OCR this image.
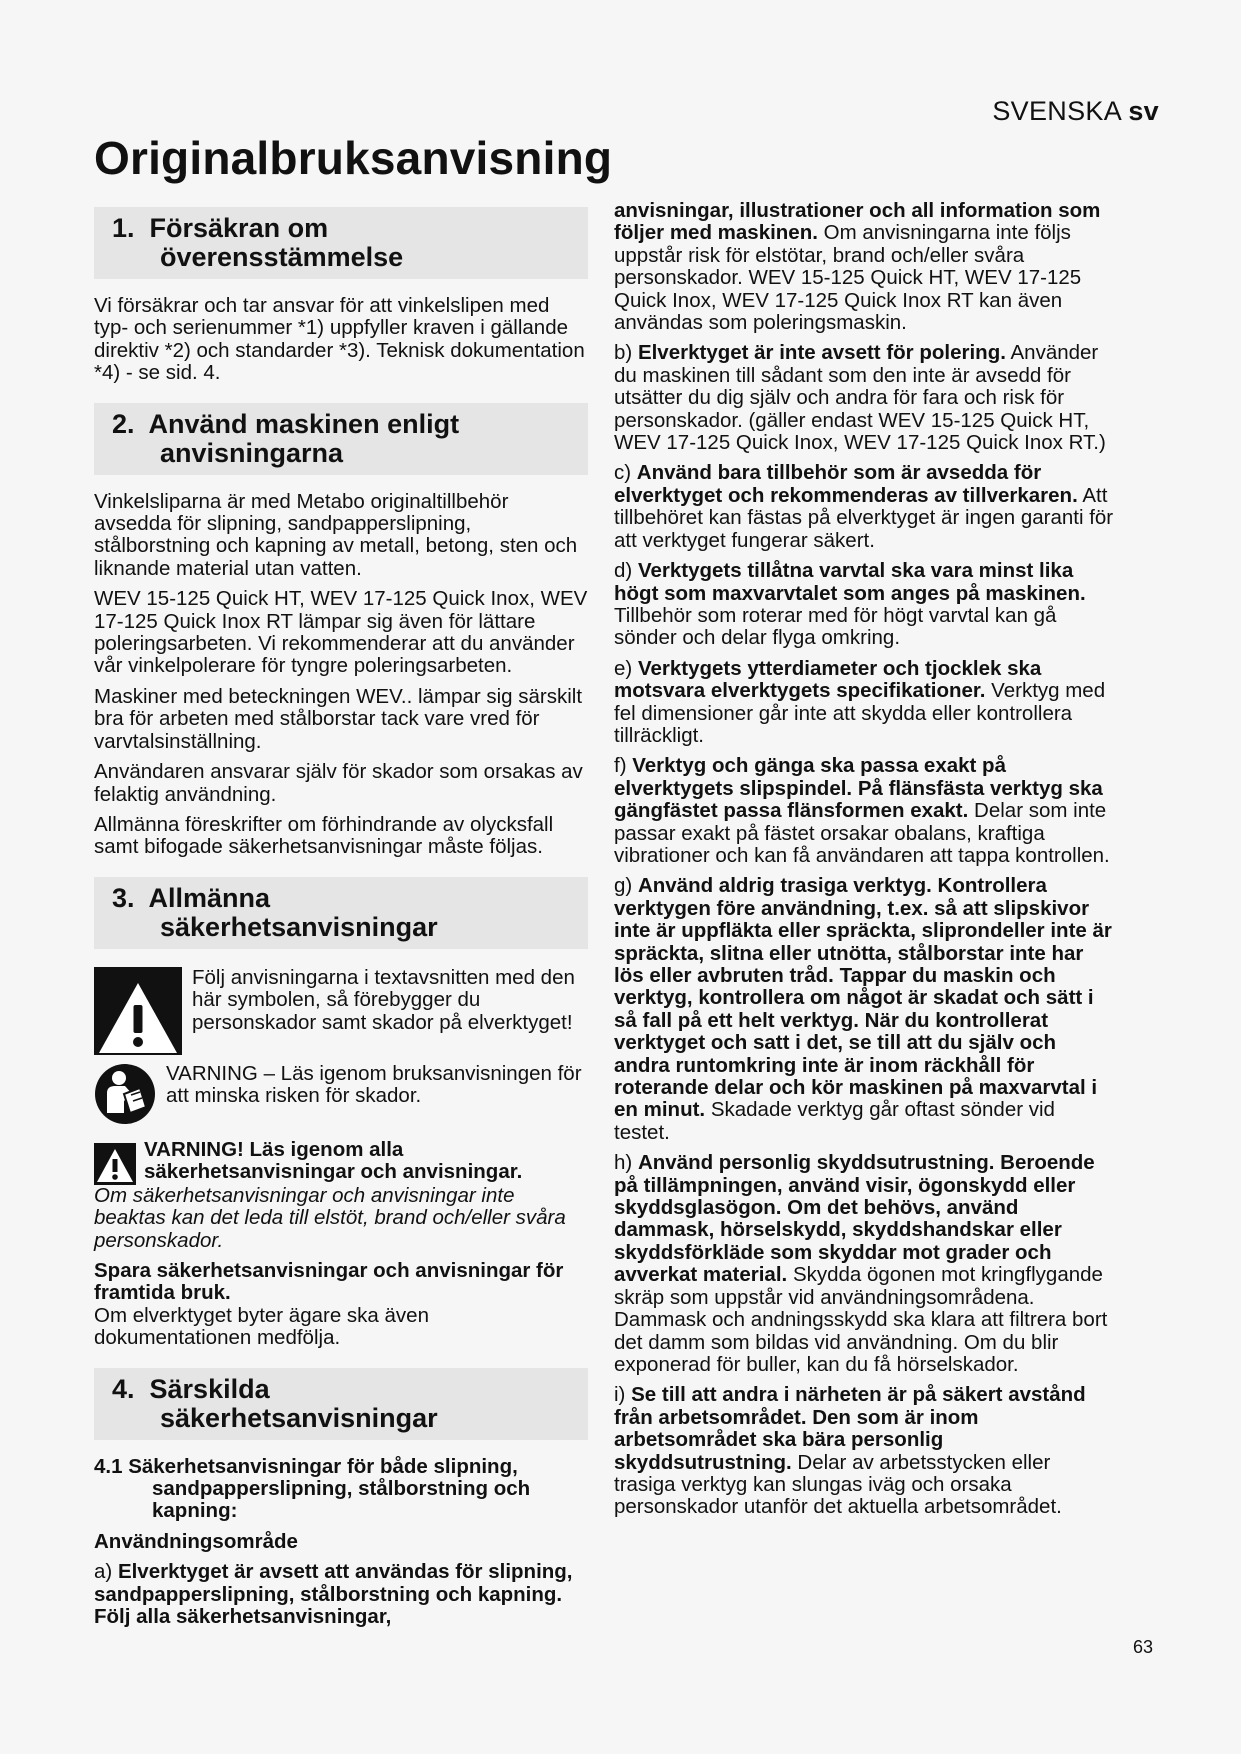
SVENSKA sv
Originalbruksanvisning
1. Försäkran om
överensstämmelse

Vi försäkrar och tar ansvar för att vinkelslipen med typ- och serienummer *1) uppfyller kraven i gällande direktiv *2) och standarder *3). Teknisk dokumentation *4) - se sid. 4.

2. Använd maskinen enligt
anvisningarna

Vinkelsliparna är med Metabo originaltillbehör avsedda för slipning, sandpapperslipning, stålborstning och kapning av metall, betong, sten och liknande material utan vatten.

WEV 15-125 Quick HT, WEV 17-125 Quick Inox, WEV 17-125 Quick Inox RT lämpar sig även för lättare poleringsarbeten. Vi rekommenderar att du använder vår vinkelpolerare för tyngre poleringsarbeten.

Maskiner med beteckningen WEV.. lämpar sig särskilt bra för arbeten med stålborstar tack vare vred för varvtalsinställning.

Användaren ansvarar själv för skador som orsakas av felaktig användning.

Allmänna föreskrifter om förhindrande av olycksfall samt bifogade säkerhetsanvisningar måste följas.

3. Allmänna
säkerhetsanvisningar
Följ anvisningarna i textavsnitten med den här symbolen, så förebygger du personskador samt skador på elverktyget!
VARNING – Läs igenom bruksanvisningen för att minska risken för skador.
VARNING! Läs igenom alla säkerhetsanvisningar och anvisningar.

Om säkerhetsanvisningar och anvisningar inte beaktas kan det leda till elstöt, brand och/eller svåra personskador.

Spara säkerhetsanvisningar och anvisningar för framtida bruk.

Om elverktyget byter ägare ska även dokumentationen medfölja.

4. Särskilda
säkerhetsanvisningar
4.1 Säkerhetsanvisningar för både slipning, sandpapperslipning, stålborstning och kapning:

Användningsområde

a) Elverktyget är avsett att användas för slipning, sandpapperslipning, stålborstning och kapning. Följ alla säkerhetsanvisningar,

anvisningar, illustrationer och all information som följer med maskinen. Om anvisningarna inte följs uppstår risk för elstötar, brand och/eller svåra personskador. WEV 15-125 Quick HT, WEV 17-125 Quick Inox, WEV 17-125 Quick Inox RT kan även användas som poleringsmaskin.

b) Elverktyget är inte avsett för polering. Använder du maskinen till sådant som den inte är avsedd för utsätter du dig själv och andra för fara och risk för personskador. (gäller endast WEV 15-125 Quick HT, WEV 17-125 Quick Inox, WEV 17-125 Quick Inox RT.)

c) Använd bara tillbehör som är avsedda för elverktyget och rekommenderas av tillverkaren. Att tillbehöret kan fästas på elverktyget är ingen garanti för att verktyget fungerar säkert.

d) Verktygets tillåtna varvtal ska vara minst lika högt som maxvarvtalet som anges på maskinen. Tillbehör som roterar med för högt varvtal kan gå sönder och delar flyga omkring.

e) Verktygets ytterdiameter och tjocklek ska motsvara elverktygets specifikationer. Verktyg med fel dimensioner går inte att skydda eller kontrollera tillräckligt.

f) Verktyg och gänga ska passa exakt på elverktygets slipspindel. På flänsfästa verktyg ska gängfästet passa flänsformen exakt. Delar som inte passar exakt på fästet orsakar obalans, kraftiga vibrationer och kan få användaren att tappa kontrollen.

g) Använd aldrig trasiga verktyg. Kontrollera verktygen före användning, t.ex. så att slipskivor inte är uppfläkta eller spräckta, sliprondeller inte är spräckta, slitna eller utnötta, stålborstar inte har lös eller avbruten tråd. Tappar du maskin och verktyg, kontrollera om något är skadat och sätt i så fall på ett helt verktyg. När du kontrollerat verktyget och satt i det, se till att du själv och andra runtomkring inte är inom räckhåll för roterande delar och kör maskinen på maxvarvtal i en minut. Skadade verktyg går oftast sönder vid testet.

h) Använd personlig skyddsutrustning. Beroende på tillämpningen, använd visir, ögonskydd eller skyddsglasögon. Om det behövs, använd dammask, hörselskydd, skyddshandskar eller skyddsförkläde som skyddar mot grader och avverkat material. Skydda ögonen mot kringflygande skräp som uppstår vid användningsområdena. Dammask och andningsskydd ska klara att filtrera bort det damm som bildas vid användning. Om du blir exponerad för buller, kan du få hörselskador.

i) Se till att andra i närheten är på säkert avstånd från arbetsområdet. Den som är inom arbetsområdet ska bära personlig skyddsutrustning. Delar av arbetsstycken eller trasiga verktyg kan slungas iväg och orsaka personskador utanför det aktuella arbetsområdet.

63
